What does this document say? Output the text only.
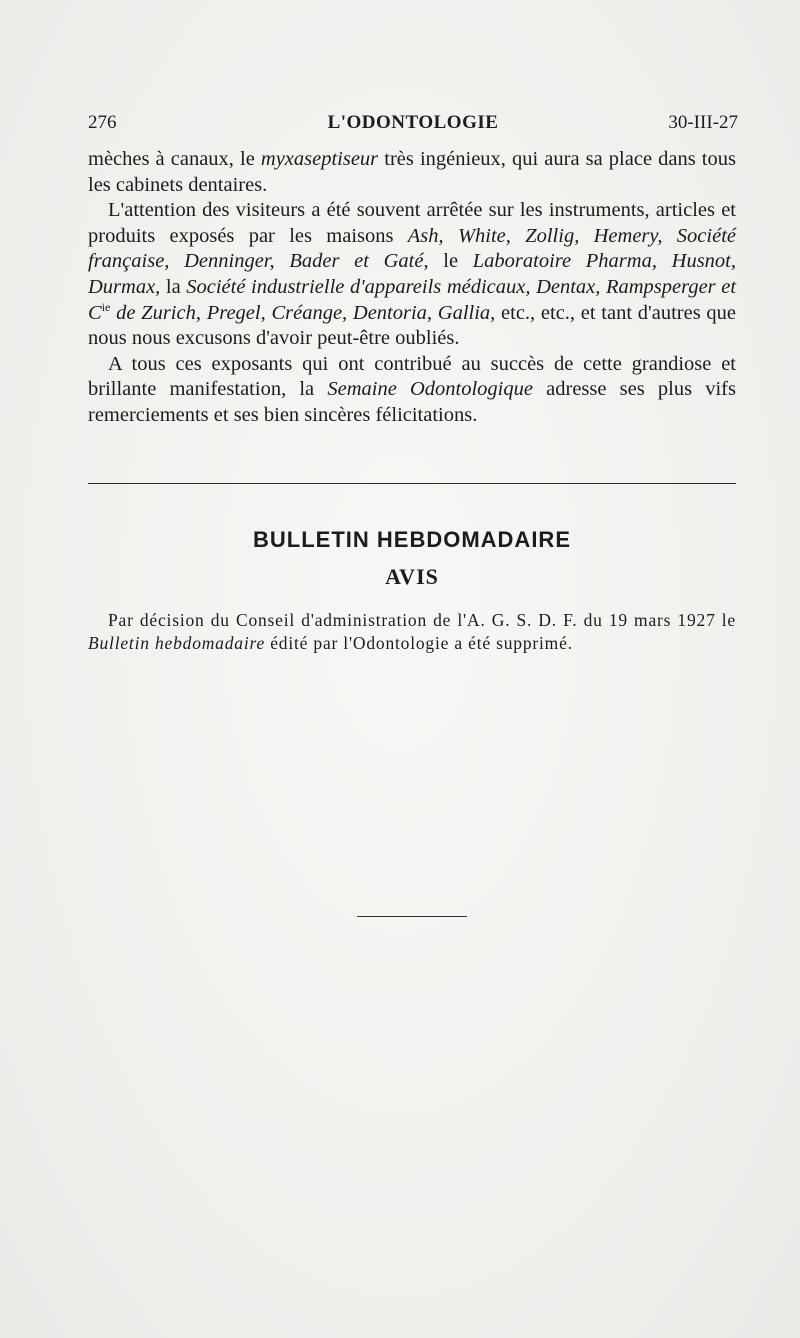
276	L'ODONTOLOGIE	30-III-27

mèches à canaux, le myxaseptiseur très ingénieux, qui aura sa place dans tous les cabinets dentaires.

L'attention des visiteurs a été souvent arrêtée sur les instruments, articles et produits exposés par les maisons Ash, White, Zollig, Hemery, Société française, Denninger, Bader et Gaté, le Laboratoire Pharma, Husnot, Durmax, la Société industrielle d'appareils médicaux, Dentax, Rampsperger et $C^{ie}$ de Zurich, Pregel, Créange, Dentoria, Gallia, etc., etc., et tant d'autres que nous nous excusons d'avoir peut-être oubliés.

A tous ces exposants qui ont contribué au succès de cette grandiose et brillante manifestation, la Semaine Odontologique adresse ses plus vifs remerciements et ses bien sincères félicitations.

BULLETIN HEBDOMADAIRE
AVIS

Par décision du Conseil d'administration de l'A. G. S. D. F. du 19 mars 1927 le Bulletin hebdomadaire édité par l'Odontologie a été supprimé.
